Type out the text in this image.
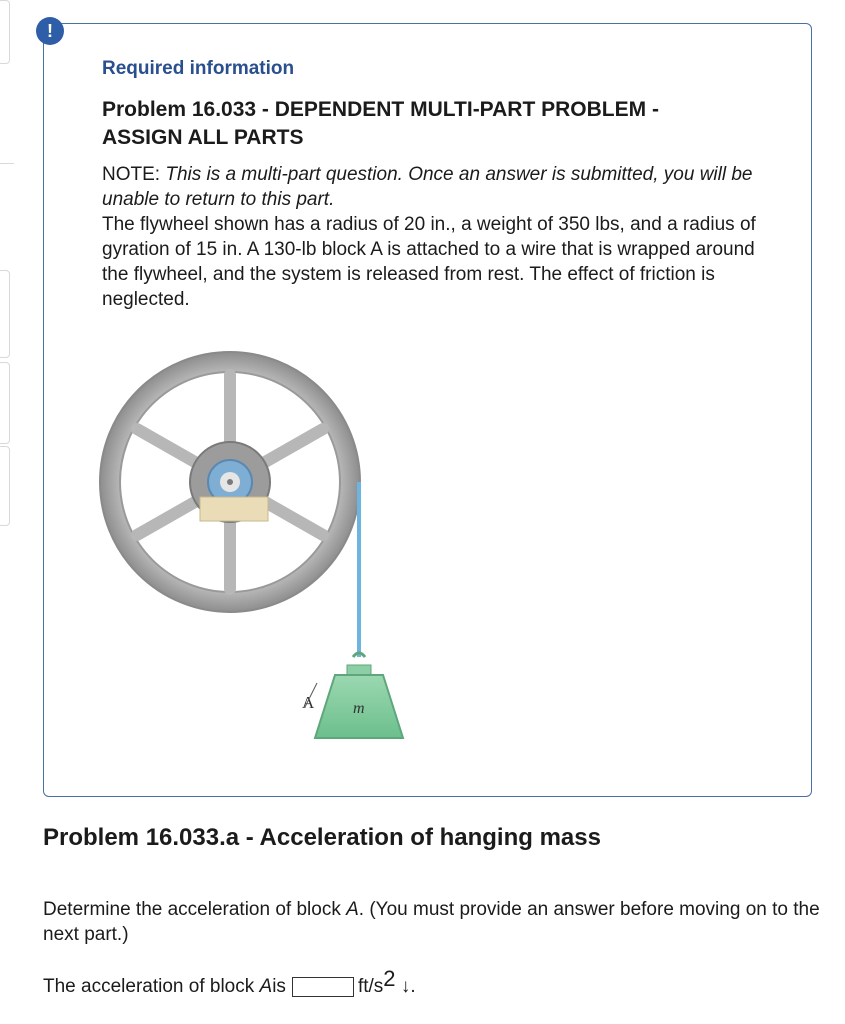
!
Required information
Problem 16.033 - DEPENDENT MULTI-PART PROBLEM - ASSIGN ALL PARTS
NOTE: This is a multi-part question. Once an answer is submitted, you will be unable to return to this part.
The flywheel shown has a radius of 20 in., a weight of 350 lbs, and a radius of gyration of 15 in. A 130-lb block A is attached to a wire that is wrapped around the flywheel, and the system is released from rest. The effect of friction is neglected.
A m
Problem 16.033.a - Acceleration of hanging mass
Determine the acceleration of block A. (You must provide an answer before moving on to the next part.)
The acceleration of block
A is	$ft/s^2$
↓.
